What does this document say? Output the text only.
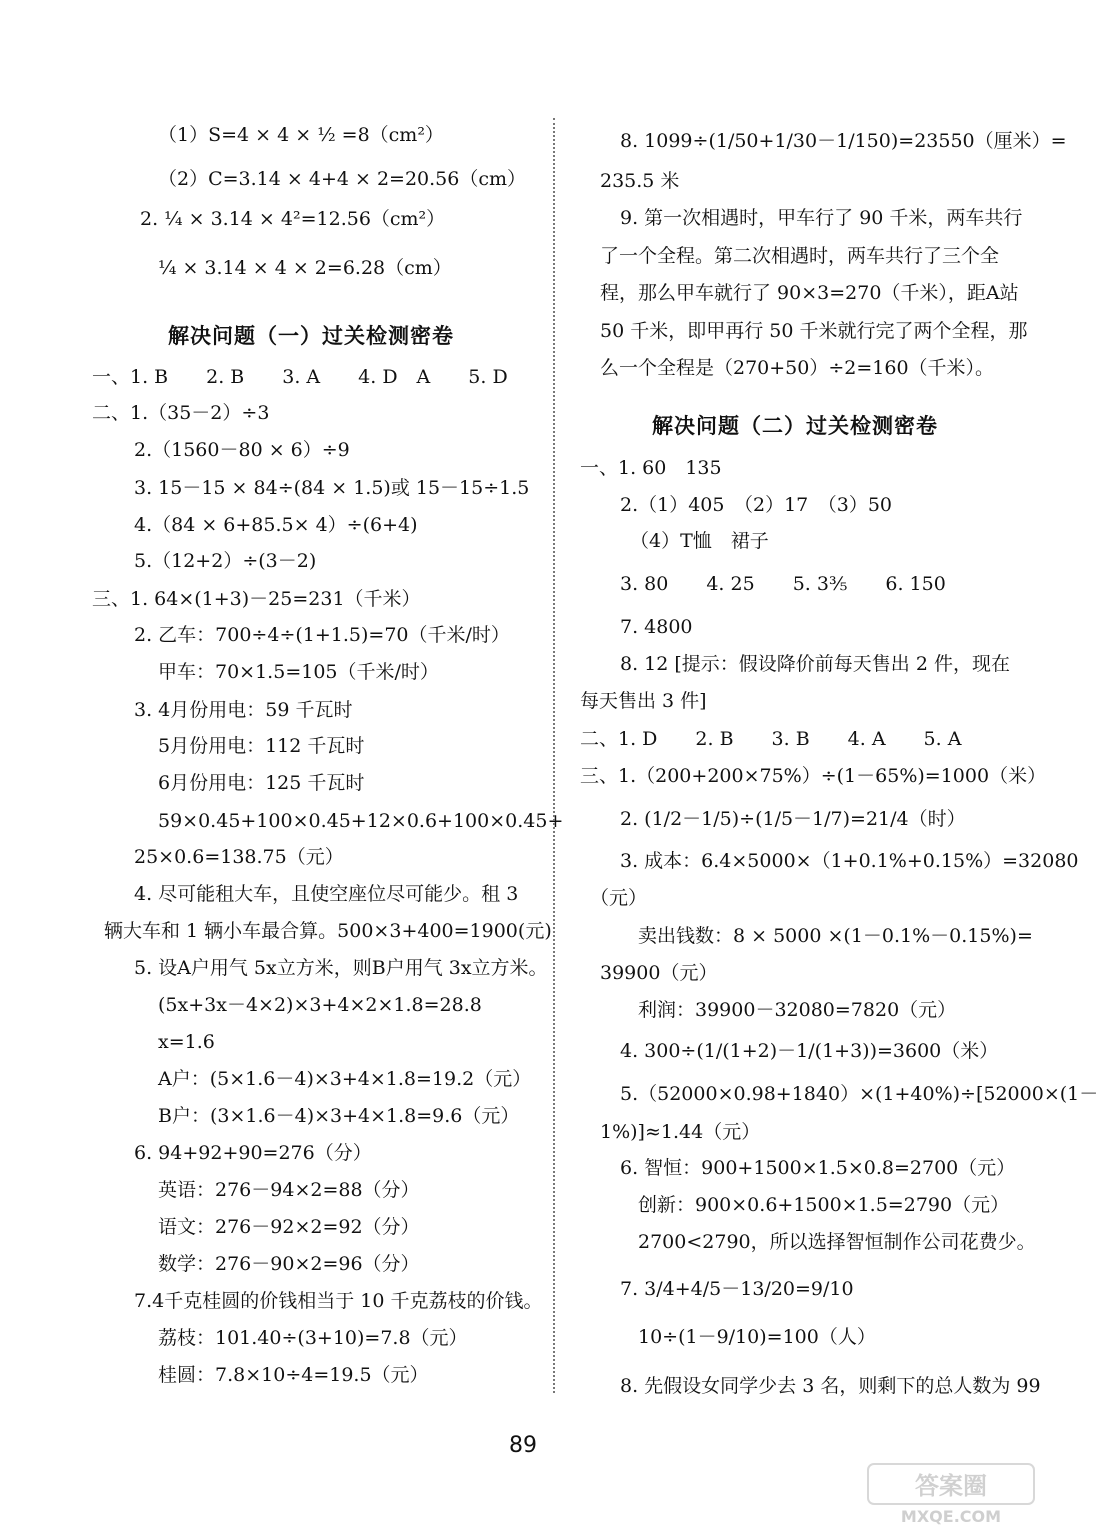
（1）S=4 × 4 × ½ =8（cm²）
（2）C=3.14 × 4+4 × 2=20.56（cm）
2. ¼ × 3.14 × 4²=12.56（cm²）
¼ × 3.14 × 4 × 2=6.28（cm）
解决问题（一）过关检测密卷
一、1. B　　2. B　　3. A　　4. D　A　　5. D
二、1.（35－2）÷3
2.（1560－80 × 6）÷9
3. 15－15 × 84÷(84 × 1.5)或 15－15÷1.5
4.（84 × 6+85.5× 4）÷(6+4)
5.（12+2）÷(3－2)
三、1. 64×(1+3)－25=231（千米）
2. 乙车：700÷4÷(1+1.5)=70（千米/时）
甲车：70×1.5=105（千米/时）
3. 4月份用电：59 千瓦时
5月份用电：112 千瓦时
6月份用电：125 千瓦时
59×0.45+100×0.45+12×0.6+100×0.45+
25×0.6=138.75（元）
4. 尽可能租大车，且使空座位尽可能少。租 3
辆大车和 1 辆小车最合算。500×3+400=1900(元)
5. 设A户用气 5x立方米，则B户用气 3x立方米。
(5x+3x－4×2)×3+4×2×1.8=28.8
x=1.6
A户：(5×1.6－4)×3+4×1.8=19.2（元）
B户：(3×1.6－4)×3+4×1.8=9.6（元）
6. 94+92+90=276（分）
英语：276－94×2=88（分）
语文：276－92×2=92（分）
数学：276－90×2=96（分）
7.4千克桂圆的价钱相当于 10 千克荔枝的价钱。
荔枝：101.40÷(3+10)=7.8（元）
桂圆：7.8×10÷4=19.5（元）
8. 1099÷(1/50+1/30－1/150)=23550（厘米）=
235.5 米
9. 第一次相遇时，甲车行了 90 千米，两车共行
了一个全程。第二次相遇时，两车共行了三个全
程，那么甲车就行了 90×3=270（千米），距A站
50 千米，即甲再行 50 千米就行完了两个全程，那
么一个全程是（270+50）÷2=160（千米）。
解决问题（二）过关检测密卷
一、1. 60　135
2.（1）405　（2）17　（3）50
（4）T恤　裙子
3. 80　　4. 25　　5. 3⅗　　6. 150
7. 4800
8. 12 [提示：假设降价前每天售出 2 件，现在
每天售出 3 件]
二、1. D　　2. B　　3. B　　4. A　　5. A
三、1.（200+200×75%）÷(1－65%)=1000（米）
2. (1/2－1/5)÷(1/5－1/7)=21/4（时）
3. 成本：6.4×5000×（1+0.1%+0.15%）=32080
（元）
卖出钱数：8 × 5000 ×(1－0.1%－0.15%)=
39900（元）
利润：39900－32080=7820（元）
4. 300÷(1/(1+2)－1/(1+3))=3600（米）
5.（52000×0.98+1840）×(1+40%)÷[52000×(1－
1%)]≈1.44（元）
6. 智恒：900+1500×1.5×0.8=2700（元）
创新：900×0.6+1500×1.5=2790（元）
2700<2790，所以选择智恒制作公司花费少。
7. 3/4+4/5－13/20=9/10
10÷(1－9/10)=100（人）
8. 先假设女同学少去 3 名，则剩下的总人数为 99
89
答案圈
MXQE.COM
